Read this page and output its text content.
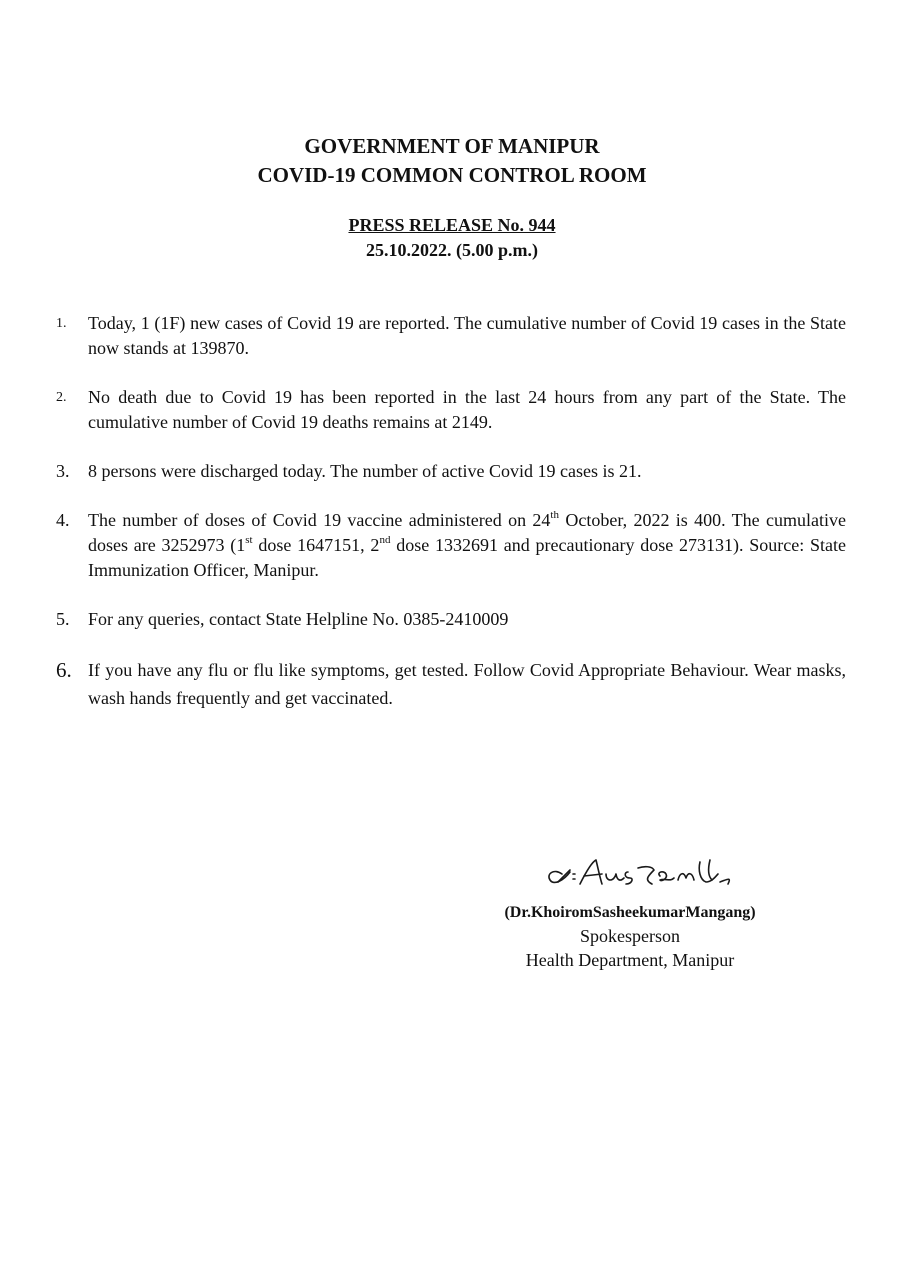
GOVERNMENT OF MANIPUR
COVID-19 COMMON CONTROL ROOM
PRESS RELEASE No. 944
25.10.2022. (5.00 p.m.)
1.	Today, 1 (1F) new cases of Covid 19 are reported. The cumulative number of Covid 19 cases in the State now stands at 139870.
2.	No death due to Covid 19 has been reported in the last 24 hours from any part of the State. The cumulative number of Covid 19 deaths remains at 2149.
3.	8 persons were discharged today. The number of active Covid 19 cases is 21.
4.	The number of doses of Covid 19 vaccine administered on 24th October, 2022 is 400. The cumulative doses are 3252973 (1st dose 1647151, 2nd dose 1332691 and precautionary dose 273131). Source: State Immunization Officer, Manipur.
5.	For any queries, contact State Helpline No. 0385-2410009
6. If you have any flu or flu like symptoms, get tested. Follow Covid Appropriate Behaviour. Wear masks, wash hands frequently and get vaccinated.
(Dr.KhoiromSasheekumarMangang)
Spokesperson
Health Department, Manipur
